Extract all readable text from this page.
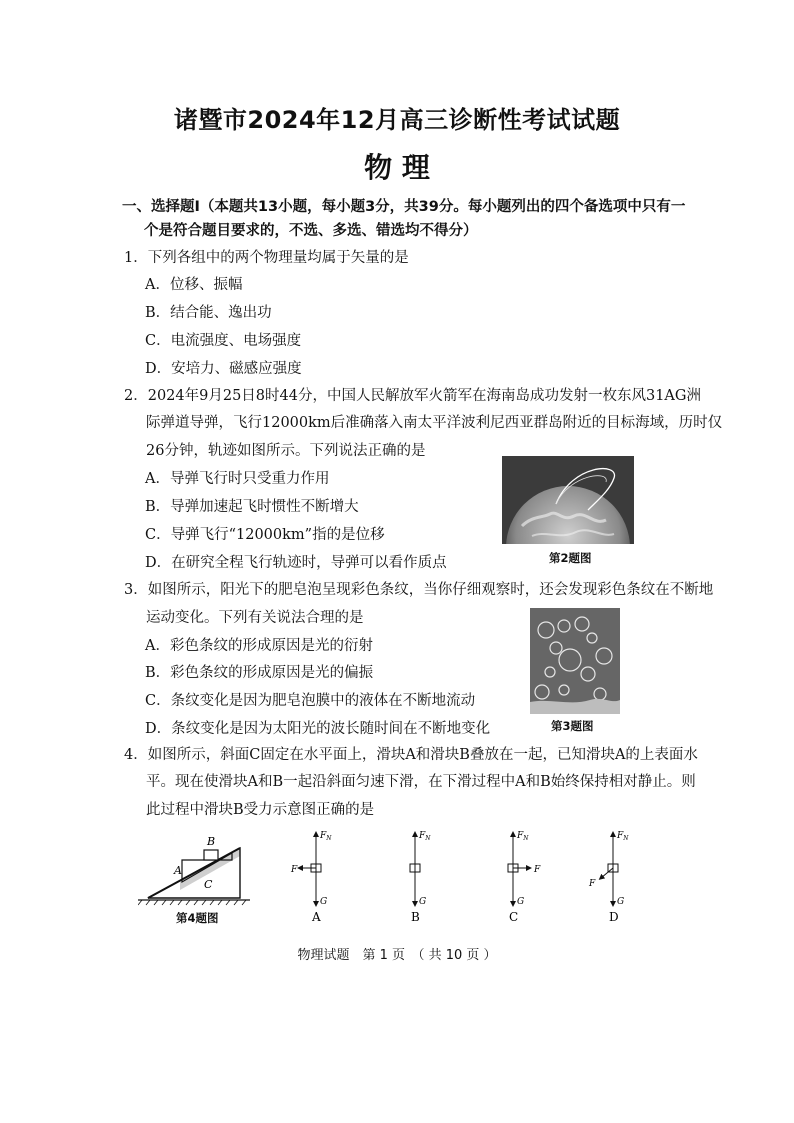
诸暨市2024年12月高三诊断性考试试题
物 理
一、选择题Ⅰ（本题共13小题，每小题3分，共39分。每小题列出的四个备选项中只有一
个是符合题目要求的，不选、多选、错选均不得分）
1．下列各组中的两个物理量均属于矢量的是
A．位移、振幅
B．结合能、逸出功
C．电流强度、电场强度
D．安培力、磁感应强度
2．2024年9月25日8时44分，中国人民解放军火箭军在海南岛成功发射一枚东风31AG洲
际弹道导弹，飞行12000km后准确落入南太平洋波利尼西亚群岛附近的目标海域，历时仅
26分钟，轨迹如图所示。下列说法正确的是
A．导弹飞行时只受重力作用
B．导弹加速起飞时惯性不断增大
C．导弹飞行“12000km”指的是位移
D．在研究全程飞行轨迹时，导弹可以看作质点	第2题图
3．如图所示，阳光下的肥皂泡呈现彩色条纹，当你仔细观察时，还会发现彩色条纹在不断地
运动变化。下列有关说法合理的是
A．彩色条纹的形成原因是光的衍射
B．彩色条纹的形成原因是光的偏振
C．条纹变化是因为肥皂泡膜中的液体在不断地流动
D．条纹变化是因为太阳光的波长随时间在不断地变化	第3题图
4．如图所示，斜面C固定在水平面上，滑块A和滑块B叠放在一起，已知滑块A的上表面水
平。现在使滑块A和B一起沿斜面匀速下滑，在下滑过程中A和B始终保持相对静止。则
此过程中滑块B受力示意图正确的是
B
A
C
第4题图
$F_N$
F
G
A
$F_N$
G
B
$F_N$
F
G
C
$F_N$
F
G
D
物理试题　第 1 页　（ 共 10 页 ）
